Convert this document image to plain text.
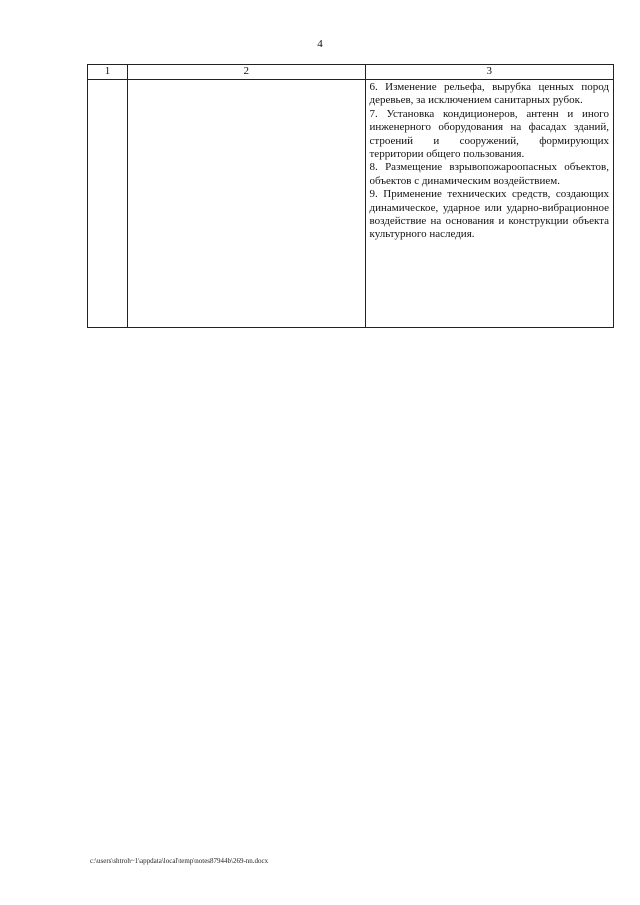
4
1	2	3

		6. Изменение рельефа, вырубка ценных пород деревьев, за исключением санитарных рубок.

7. Установка кондиционеров, антенн и иного инженерного оборудования на фасадах зданий, строений и сооружений, формирующих территории общего пользования.

8. Размещение взрывопожароопасных объектов, объектов с динамическим воздействием.

9. Применение технических средств, создающих динамическое, ударное или ударно-вибрационное воздействие на основания и конструкции объекта культурного наследия.

c:\users\shtroh~1\appdata\local\temp\notes87944b\269-nn.docx
